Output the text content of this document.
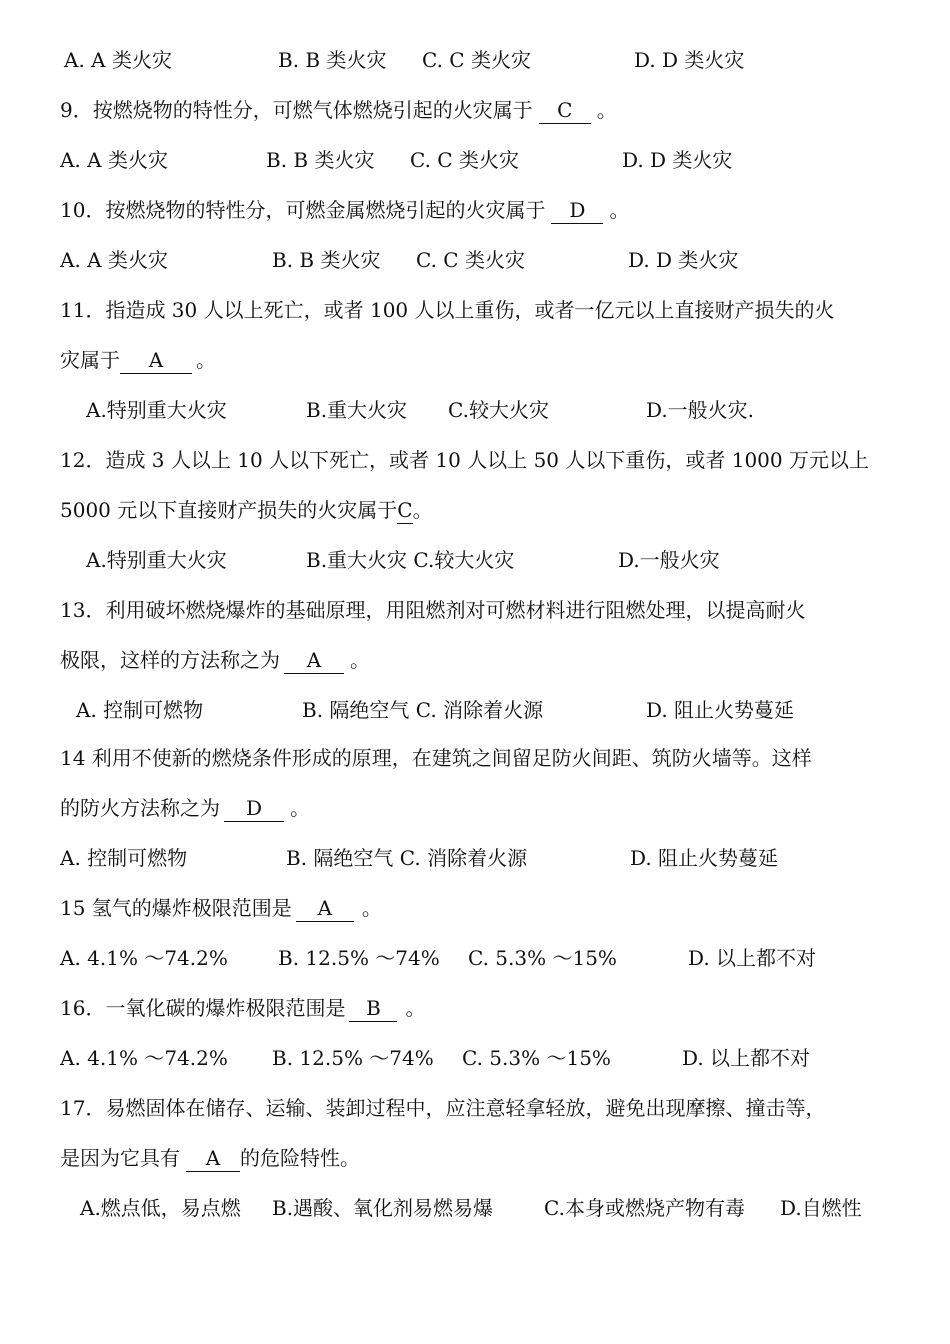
A. A 类火灾	B. B 类火灾 C. C 类火灾	D. D 类火灾
9．按燃烧物的特性分，可燃气体燃烧引起的火灾属于 C 。
A. A 类火灾	B. B 类火灾 C. C 类火灾	D. D 类火灾
10．按燃烧物的特性分，可燃金属燃烧引起的火灾属于 D 。
A. A 类火灾	B. B 类火灾 C. C 类火灾	D. D 类火灾
11．指造成 30 人以上死亡，或者 100 人以上重伤，或者一亿元以上直接财产损失的火
灾属于 A 。
A.特别重大火灾	B.重大火灾 C.较大火灾	D.一般火灾.
12．造成 3 人以上 10 人以下死亡，或者 10 人以上 50 人以下重伤，或者 1000 万元以上
5000 元以下直接财产损失的火灾属于C。
A.特别重大火灾	B.重大火灾 C.较大火灾	D.一般火灾
13．利用破坏燃烧爆炸的基础原理，用阻燃剂对可燃材料进行阻燃处理，以提高耐火
极限，这样的方法称之为 A 。
A. 控制可燃物	B. 隔绝空气 C. 消除着火源	D. 阻止火势蔓延
14 利用不使新的燃烧条件形成的原理，在建筑之间留足防火间距、筑防火墙等。这样
的防火方法称之为 D 。
A. 控制可燃物	B. 隔绝空气 C. 消除着火源	D. 阻止火势蔓延
15 氢气的爆炸极限范围是 A 。
A. 4.1% ～74.2%	B. 12.5% ～74% C. 5.3% ～15%	D. 以上都不对
16．一氧化碳的爆炸极限范围是 B 。
A. 4.1% ～74.2% B. 12.5% ～74% C. 5.3% ～15%	D. 以上都不对
17．易燃固体在储存、运输、装卸过程中，应注意轻拿轻放，避免出现摩擦、撞击等，
是因为它具有 A 的危险特性。
A.燃点低，易点燃 B.遇酸、氧化剂易燃易爆	C.本身或燃烧产物有毒 D.自燃性
